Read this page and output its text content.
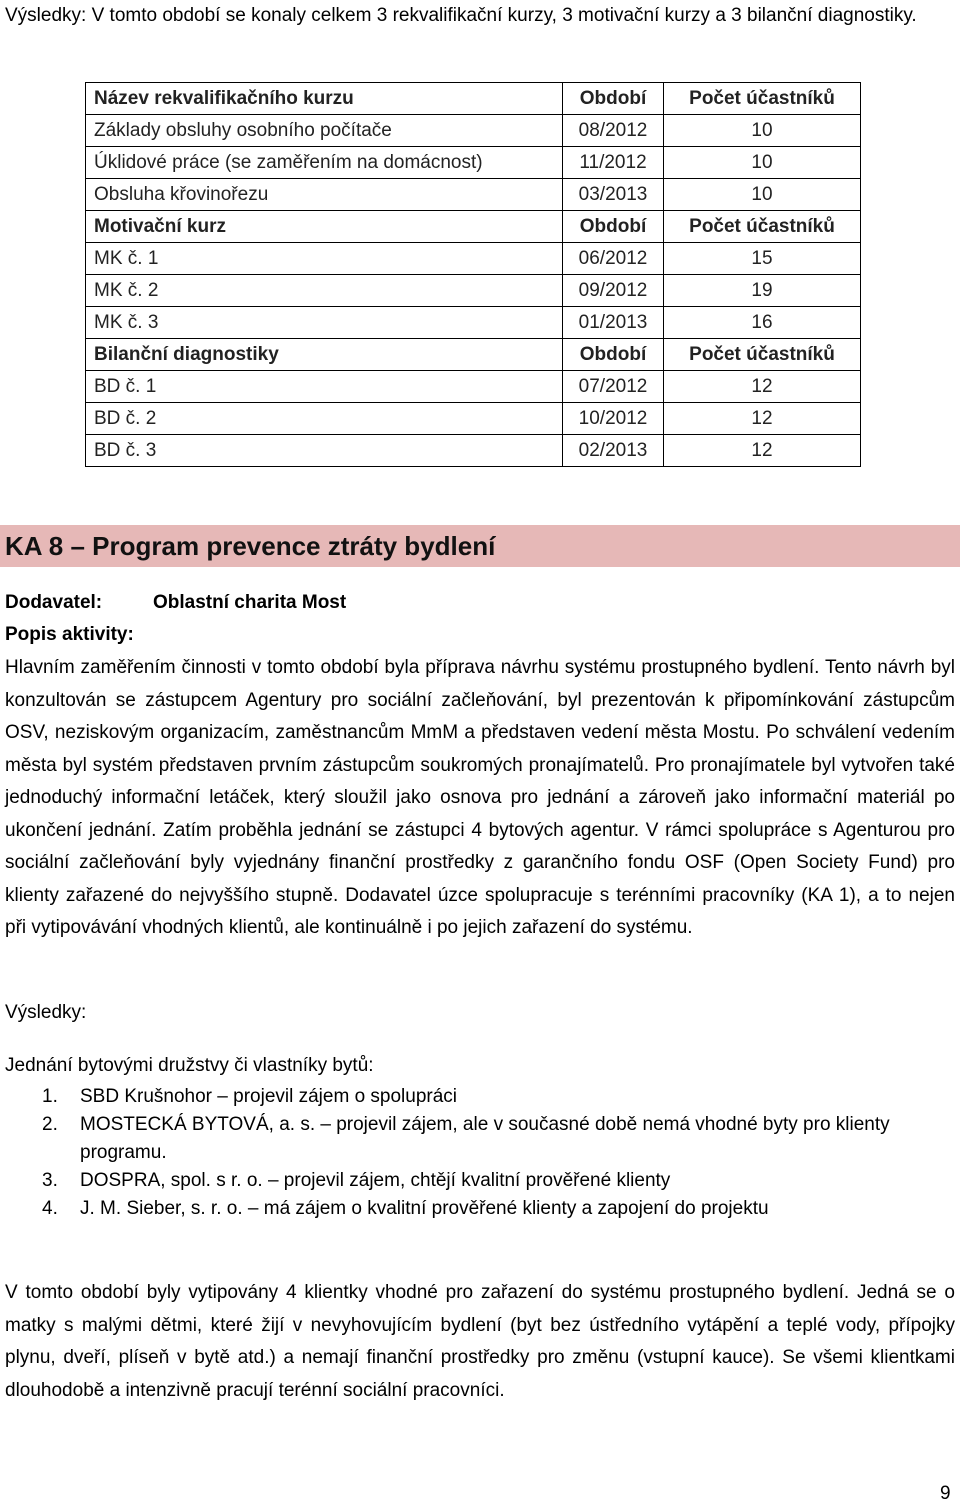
Výsledky: V tomto období se konaly celkem 3 rekvalifikační kurzy, 3 motivační kurzy a 3 bilanční diagnostiky.
Název rekvalifikačního kurzu	Období	Počet účastníků
Základy obsluhy osobního počítače	08/2012	10
Úklidové práce (se zaměřením na domácnost)	11/2012	10
Obsluha křovinořezu	03/2013	10
Motivační kurz	Období	Počet účastníků
MK č. 1	06/2012	15
MK č. 2	09/2012	19
MK č. 3	01/2013	16
Bilanční diagnostiky	Období	Počet účastníků
BD č. 1	07/2012	12
BD č. 2	10/2012	12
BD č. 3	02/2013	12
KA 8 – Program prevence ztráty bydlení
Dodavatel:	Oblastní charita Most
Popis aktivity:
Hlavním zaměřením činnosti v tomto období byla příprava návrhu systému prostupného bydlení. Tento návrh byl konzultován se zástupcem Agentury pro sociální začleňování, byl prezentován k připomínkování zástupcům OSV, neziskovým organizacím, zaměstnancům MmM a představen vedení města Mostu. Po schválení vedením města byl systém představen prvním zástupcům soukromých pronajímatelů. Pro pronajímatele byl vytvořen také jednoduchý informační letáček, který sloužil jako osnova pro jednání a zároveň jako informační materiál po ukončení jednání. Zatím proběhla jednání se zástupci 4 bytových agentur. V rámci spolupráce s Agenturou pro sociální začleňování byly vyjednány finanční prostředky z garančního fondu OSF (Open Society Fund) pro klienty zařazené do nejvyššího stupně. Dodavatel úzce spolupracuje s terénními pracovníky (KA 1), a to nejen při vytipovávání vhodných klientů, ale kontinuálně i po jejich zařazení do systému.
Výsledky:
Jednání bytovými družstvy či vlastníky bytů:
1. SBD Krušnohor – projevil zájem o spolupráci
2. MOSTECKÁ BYTOVÁ, a. s. – projevil zájem, ale v současné době nemá vhodné byty pro klienty programu.
3. DOSPRA, spol. s r. o. – projevil zájem, chtějí kvalitní prověřené klienty
4. J. M. Sieber, s. r. o. – má zájem o kvalitní prověřené klienty a zapojení do projektu
V tomto období byly vytipovány 4 klientky vhodné pro zařazení do systému prostupného bydlení. Jedná se o matky s malými dětmi, které žijí v nevyhovujícím bydlení (byt bez ústředního vytápění a teplé vody, přípojky plynu, dveří, plíseň v bytě atd.) a nemají finanční prostředky pro změnu (vstupní kauce). Se všemi klientkami dlouhodobě a intenzivně pracují terénní sociální pracovníci.
9
